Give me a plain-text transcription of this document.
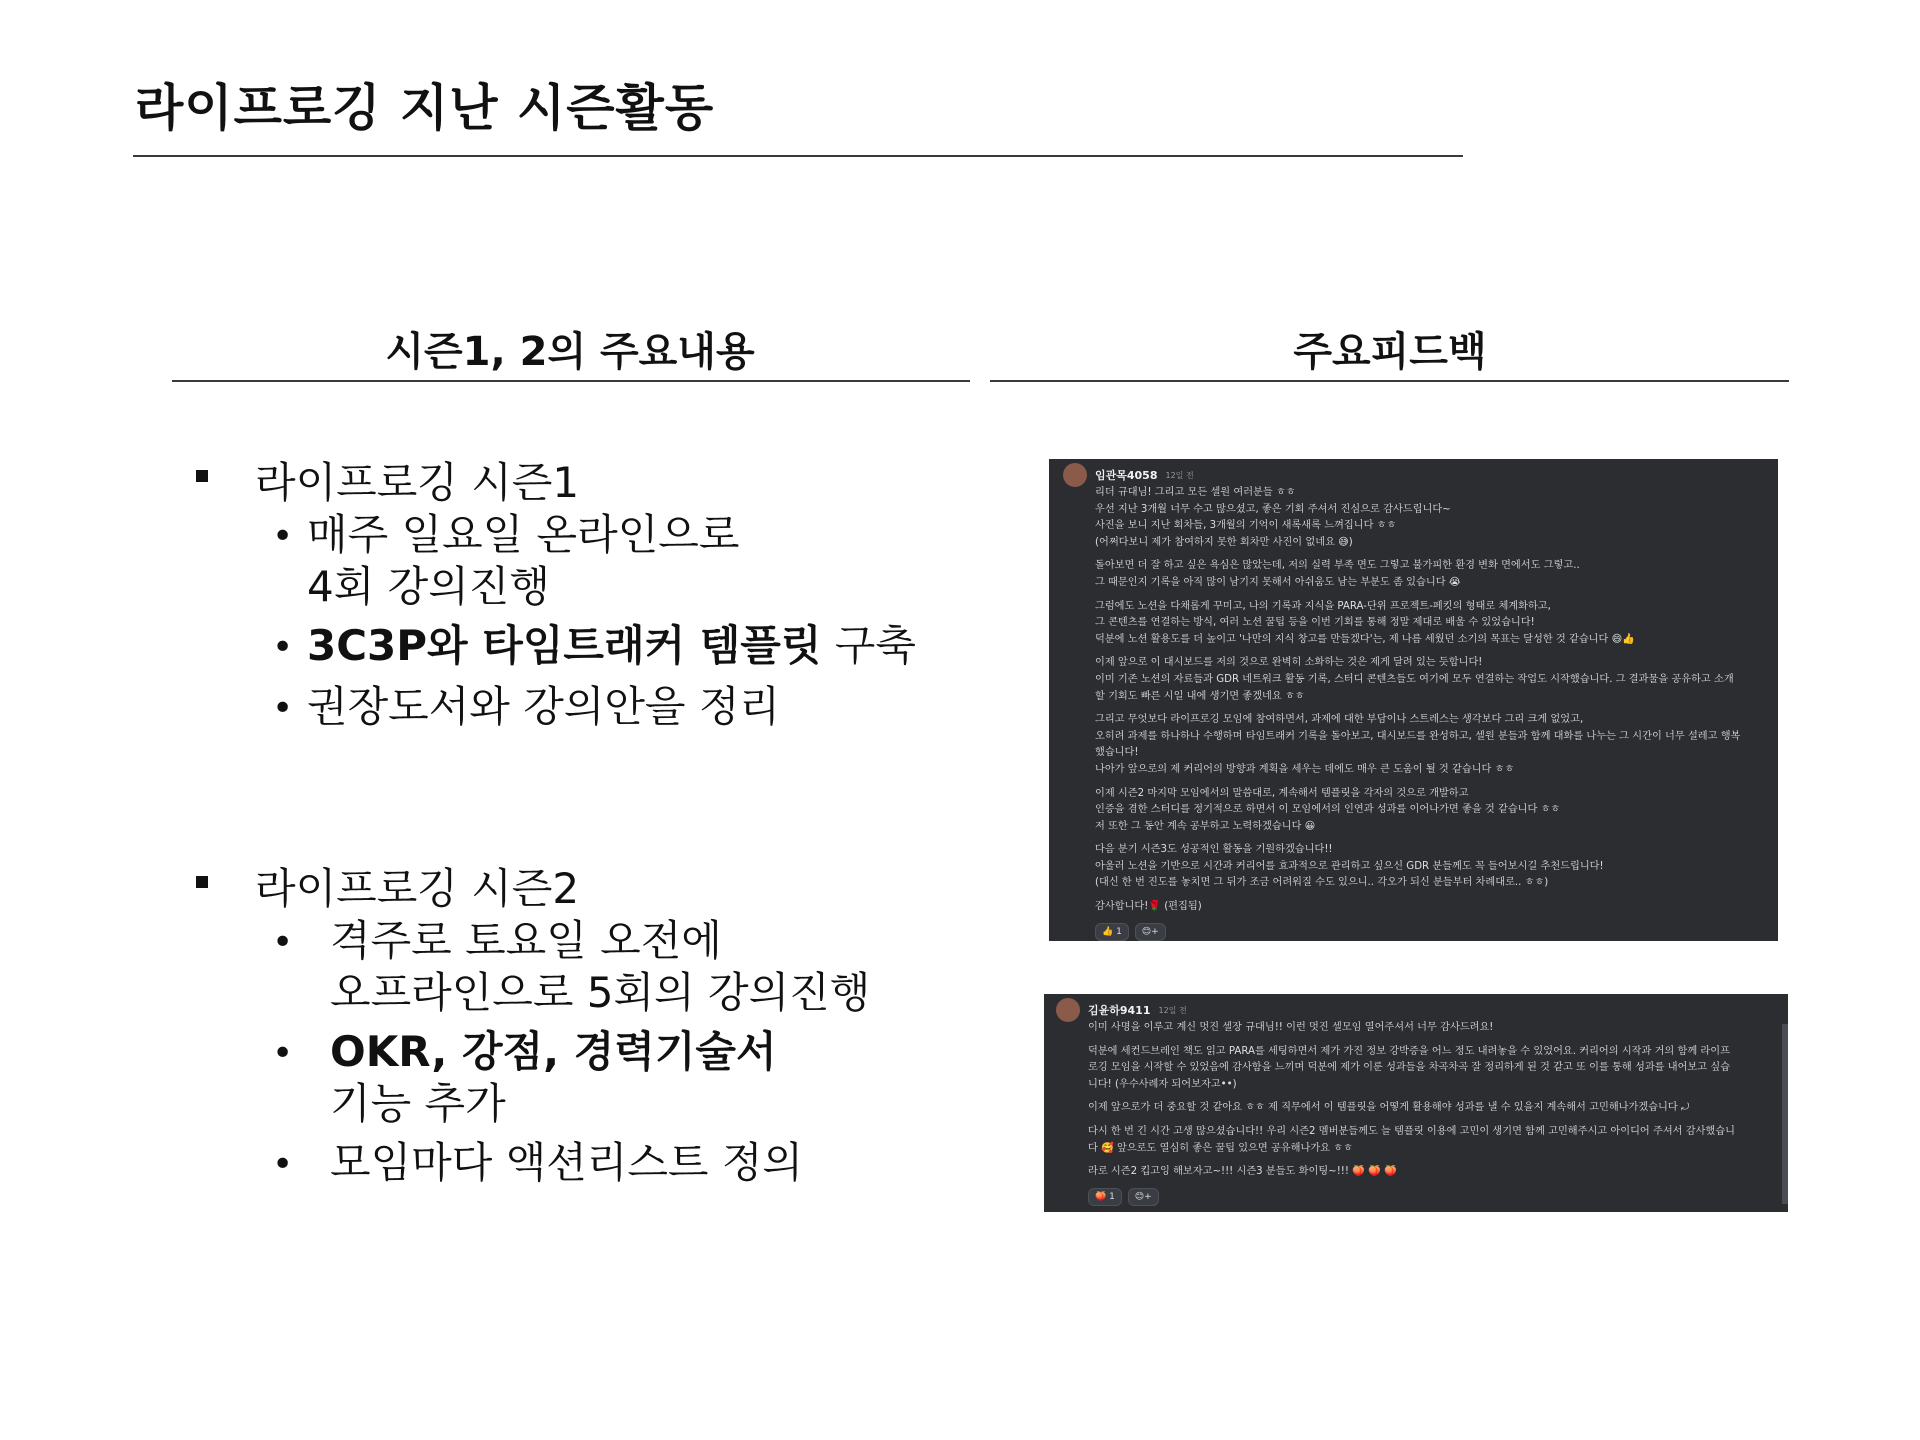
라이프로깅 지난 시즌활동
시즌1, 2의 주요내용	주요피드백
라이프로깅 시즌1
• 매주 일요일 온라인으로
4회 강의진행
• 3C3P와 타임트래커 템플릿 구축
• 권장도서와 강의안을 정리
라이프로깅 시즌2
• 격주로 토요일 오전에
오프라인으로 5회의 강의진행
• OKR, 강점, 경력기술서
기능 추가
• 모임마다 액션리스트 정의
임관목4058 12일 전

리더 규대님! 그리고 모든 셀원 여러분들 ㅎㅎ
우선 지난 3개월 너무 수고 많으셨고, 좋은 기회 주셔서 진심으로 감사드립니다~
사진을 보니 지난 회차들, 3개월의 기억이 새록새록 느껴집니다 ㅎㅎ
(어쩌다보니 제가 참여하지 못한 회차만 사진이 없네요 😅)

돌아보면 더 잘 하고 싶은 욕심은 많았는데, 저의 실력 부족 면도 그렇고 불가피한 환경 변화 면에서도 그렇고..
그 때문인지 기록을 아직 많이 남기지 못해서 아쉬움도 남는 부분도 좀 있습니다 😭

그럼에도 노션을 다채롭게 꾸미고, 나의 기록과 지식을 PARA-단위 프로젝트-페킷의 형태로 체계화하고,
그 콘텐츠를 연결하는 방식, 여러 노션 꿀팁 등을 이번 기회를 통해 정말 제대로 배울 수 있었습니다!
덕분에 노션 활용도를 더 높이고 '나만의 지식 창고를 만들겠다'는, 제 나름 세웠던 소기의 목표는 달성한 것 같습니다 😄👍

이제 앞으로 이 대시보드를 저의 것으로 완벽히 소화하는 것은 제게 달려 있는 듯합니다!
이미 기존 노션의 자료들과 GDR 네트워크 활동 기록, 스터디 콘텐츠들도 여기에 모두 연결하는 작업도 시작했습니다. 그 결과물을 공유하고 소개
할 기회도 빠른 시일 내에 생기면 좋겠네요 ㅎㅎ

그리고 무엇보다 라이프로깅 모임에 참여하면서, 과제에 대한 부담이나 스트레스는 생각보다 그리 크게 없었고,
오히려 과제를 하나하나 수행하며 타임트래커 기록을 돌아보고, 대시보드를 완성하고, 셀원 분들과 함께 대화를 나누는 그 시간이 너무 설레고 행복
했습니다!
나아가 앞으로의 제 커리어의 방향과 계획을 세우는 데에도 매우 큰 도움이 될 것 같습니다 ㅎㅎ

이제 시즌2 마지막 모임에서의 말씀대로, 계속해서 템플릿을 각자의 것으로 개발하고
인증을 겸한 스터디를 정기적으로 하면서 이 모임에서의 인연과 성과를 이어나가면 좋을 것 같습니다 ㅎㅎ
저 또한 그 동안 계속 공부하고 노력하겠습니다 😀

다음 분기 시즌3도 성공적인 활동을 기원하겠습니다!!
아울러 노션을 기반으로 시간과 커리어를 효과적으로 관리하고 싶으신 GDR 분들께도 꼭 들어보시길 추천드립니다!
(대신 한 번 진도를 놓치면 그 뒤가 조금 어려워질 수도 있으니.. 각오가 되신 분들부터 차례대로.. ㅎㅎ)

감사합니다!🌹 (편집됨)

👍 1	😊+
김윤하9411 12일 전

이미 사명을 이루고 계신 멋진 셀장 규대님!! 이런 멋진 셀모임 열어주셔서 너무 감사드려요!

덕분에 세컨드브레인 책도 읽고 PARA를 세팅하면서 제가 가진 정보 강박증을 어느 정도 내려놓을 수 있었어요. 커리어의 시작과 거의 함께 라이프
로깅 모임을 시작할 수 있었음에 감사함을 느끼며 덕분에 제가 이룬 성과들을 차곡차곡 잘 정리하게 된 것 같고 또 이를 통해 성과를 내어보고 싶습
니다! (우수사례자 되어보자고••)

이제 앞으로가 더 중요할 것 같아요 ㅎㅎ 제 직무에서 이 템플릿을 어떻게 활용해야 성과를 낼 수 있을지 계속해서 고민해나가겠습니다 ⤾

다시 한 번 긴 시간 고생 많으셨습니다!! 우리 시즌2 멤버분들께도 늘 템플릿 이용에 고민이 생기면 함께 고민해주시고 아이디어 주셔서 감사했습니
다 🥰 앞으로도 열심히 좋은 꿀팁 있으면 공유해나가요 ㅎㅎ

라로 시즌2 킵고잉 해보자고~!!! 시즌3 분들도 화이팅~!!! 🍑 🍑 🍑

🍑 1	😊+
